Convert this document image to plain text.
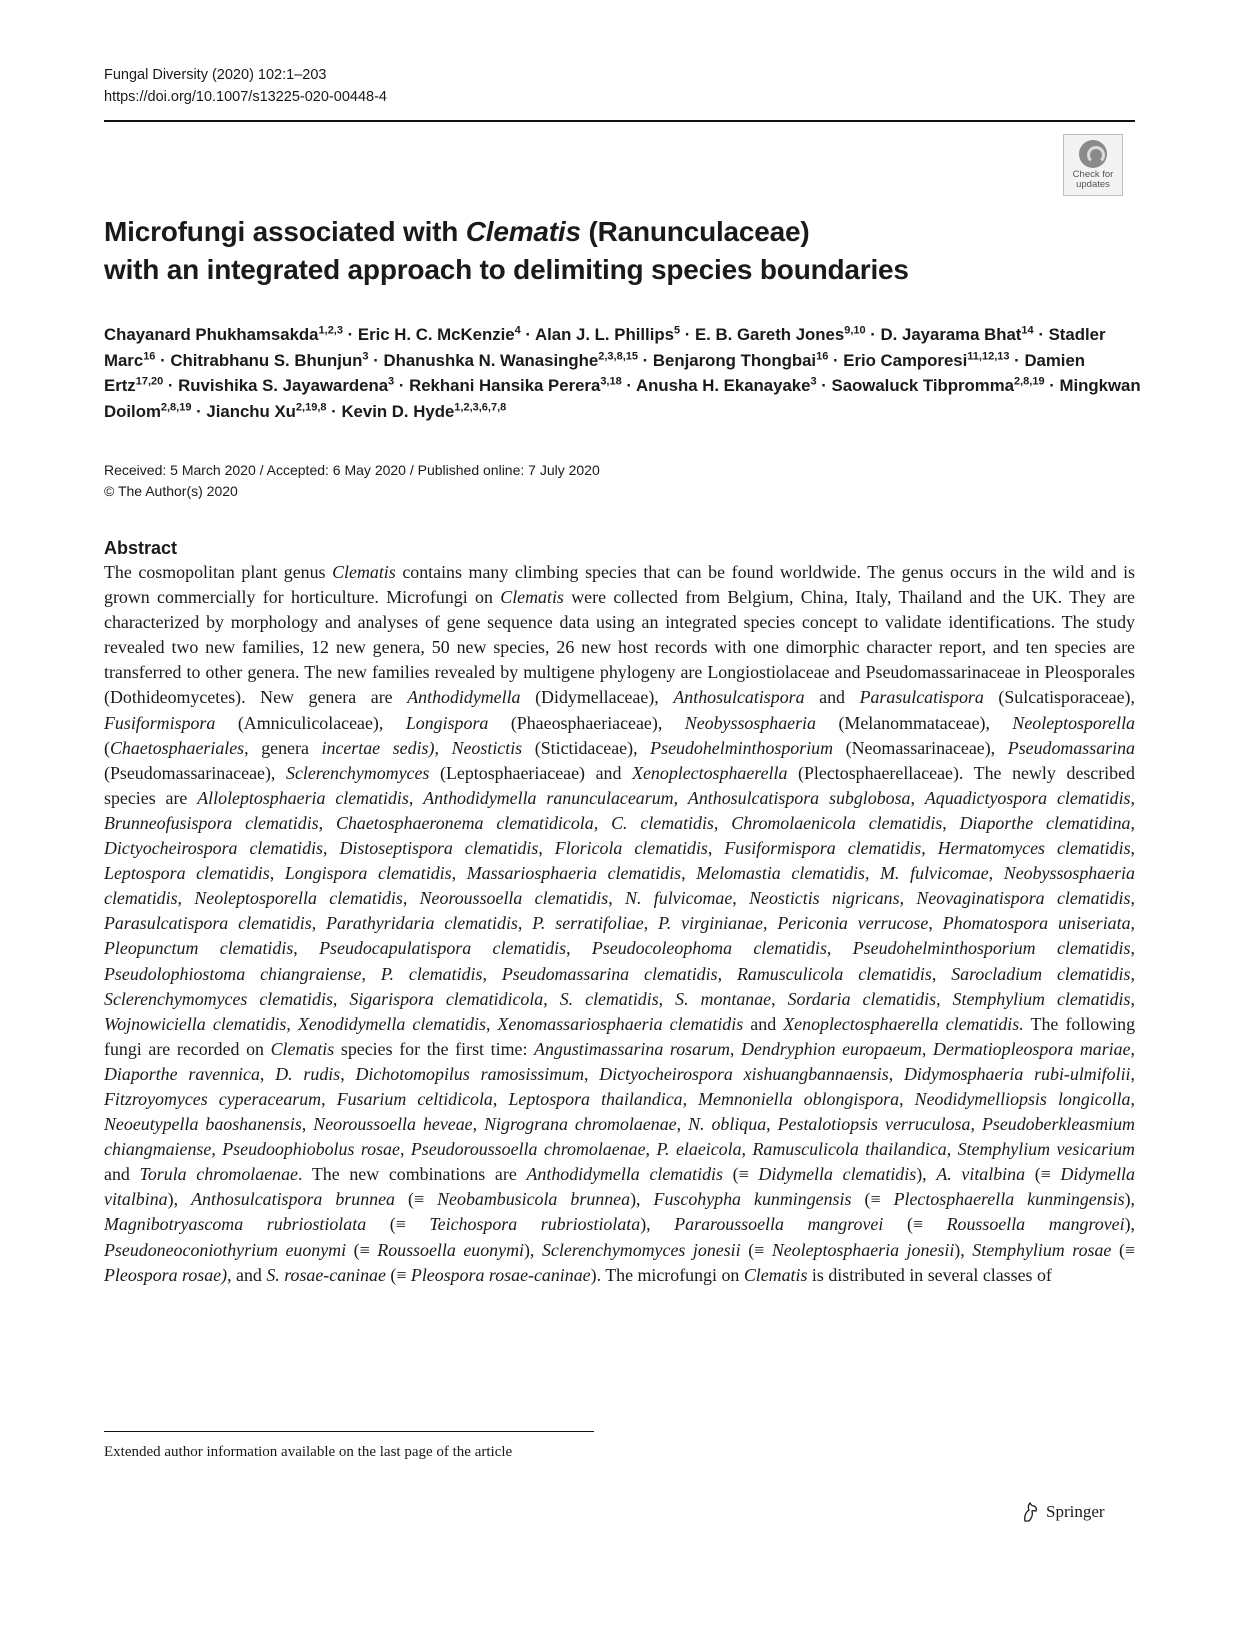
Fungal Diversity (2020) 102:1–203
https://doi.org/10.1007/s13225-020-00448-4
Check for
updates
Microfungi associated with Clematis (Ranunculaceae)
with an integrated approach to delimiting species boundaries

Chayanard Phukhamsakda$^{1,2,3}$ · Eric H. C. McKenzie$^4$ · Alan J. L. Phillips$^5$ · E. B. Gareth Jones$^{9,10}$ · D. Jayarama Bhat$^{14}$ · Stadler Marc$^{16}$ · Chitrabhanu S. Bhunjun$^3$ · Dhanushka N. Wanasinghe$^{2,3,8,15}$ · Benjarong Thongbai$^{16}$ · Erio Camporesi$^{11,12,13}$ · Damien Ertz$^{17,20}$ · Ruvishika S. Jayawardena$^3$ · Rekhani Hansika Perera$^{3,18}$ · Anusha H. Ekanayake$^3$ · Saowaluck Tibpromma$^{2,8,19}$ · Mingkwan Doilom$^{2,8,19}$ · Jianchu Xu$^{2,19,8}$ · Kevin D. Hyde$^{1,2,3,6,7,8}$

Received: 5 March 2020 / Accepted: 6 May 2020 / Published online: 7 July 2020
© The Author(s) 2020
Abstract

The cosmopolitan plant genus Clematis contains many climbing species that can be found worldwide. The genus occurs in the wild and is grown commercially for horticulture. Microfungi on Clematis were collected from Belgium, China, Italy, Thailand and the UK. They are characterized by morphology and analyses of gene sequence data using an integrated species concept to validate identifications. The study revealed two new families, 12 new genera, 50 new species, 26 new host records with one dimorphic character report, and ten species are transferred to other genera. The new families revealed by multigene phylogeny are Longiostiolaceae and Pseudomassarinaceae in Pleosporales (Dothideomycetes). New genera are Anthodidymella (Didymellaceae), Anthosulcatispora and Parasulcatispora (Sulcatisporaceae), Fusiformispora (Amniculicolaceae), Longispora (Phaeosphaeriaceae), Neobyssosphaeria (Melanommataceae), Neoleptosporella (Chaetosphaeriales, genera incertae sedis), Neostictis (Stictidaceae), Pseudohelminthosporium (Neomassarinaceae), Pseudomassarina (Pseudomassarinaceae), Sclerenchymomyces (Leptosphaeriaceae) and Xenoplectosphaerella (Plectosphaerellaceae). The newly described species are Alloleptosphaeria clematidis, Anthodidymella ranunculacearum, Anthosulcatispora subglobosa, Aquadictyospora clematidis, Brunneofusispora clematidis, Chaetosphaeronema clematidicola, C. clematidis, Chromolaenicola clematidis, Diaporthe clematidina, Dictyocheirospora clematidis, Distoseptispora clematidis, Floricola clematidis, Fusiformispora clematidis, Hermatomyces clematidis, Leptospora clematidis, Longispora clematidis, Massariosphaeria clematidis, Melomastia clematidis, M. fulvicomae, Neobyssosphaeria clematidis, Neoleptosporella clematidis, Neoroussoella clematidis, N. fulvicomae, Neostictis nigricans, Neovaginatispora clematidis, Parasulcatispora clematidis, Parathyridaria clematidis, P. serratifoliae, P. virginianae, Periconia verrucose, Phomatospora uniseriata, Pleopunctum clematidis, Pseudocapulatispora clematidis, Pseudocoleophoma clematidis, Pseudohelminthosporium clematidis, Pseudolophiostoma chiangraiense, P. clematidis, Pseudomassarina clematidis, Ramusculicola clematidis, Sarocladium clematidis, Sclerenchymomyces clematidis, Sigarispora clematidicola, S. clematidis, S. montanae, Sordaria clematidis, Stemphylium clematidis, Wojnowiciella clematidis, Xenodidymella clematidis, Xenomassariosphaeria clematidis and Xenoplectosphaerella clematidis. The following fungi are recorded on Clematis species for the first time: Angustimassarina rosarum, Dendryphion europaeum, Dermatiopleospora mariae, Diaporthe ravennica, D. rudis, Dichotomopilus ramosissimum, Dictyocheirospora xishuangbannaensis, Didymosphaeria rubi-ulmifolii, Fitzroyomyces cyperacearum, Fusarium celtidicola, Leptospora thailandica, Memnoniella oblongispora, Neodidymelliopsis longicolla, Neoeutypella baoshanensis, Neoroussoella heveae, Nigrograna chromolaenae, N. obliqua, Pestalotiopsis verruculosa, Pseudoberkleasmium chiangmaiense, Pseudoophiobolus rosae, Pseudoroussoella chromolaenae, P. elaeicola, Ramusculicola thailandica, Stemphylium vesicarium and Torula chromolaenae. The new combinations are Anthodidymella clematidis (≡ Didymella clematidis), A. vitalbina (≡ Didymella vitalbina), Anthosulcatispora brunnea (≡ Neobambusicola brunnea), Fuscohypha kunmingensis (≡ Plectosphaerella kunmingensis), Magnibotryascoma rubriostiolata (≡ Teichospora rubriostiolata), Pararoussoella mangrovei (≡ Roussoella mangrovei), Pseudoneoconiothyrium euonymi (≡ Roussoella euonymi), Sclerenchymomyces jonesii (≡ Neoleptosphaeria jonesii), Stemphylium rosae (≡ Pleospora rosae), and S. rosae-caninae (≡ Pleospora rosae-caninae). The microfungi on Clematis is distributed in several classes of

Extended author information available on the last page of the article
Springer
